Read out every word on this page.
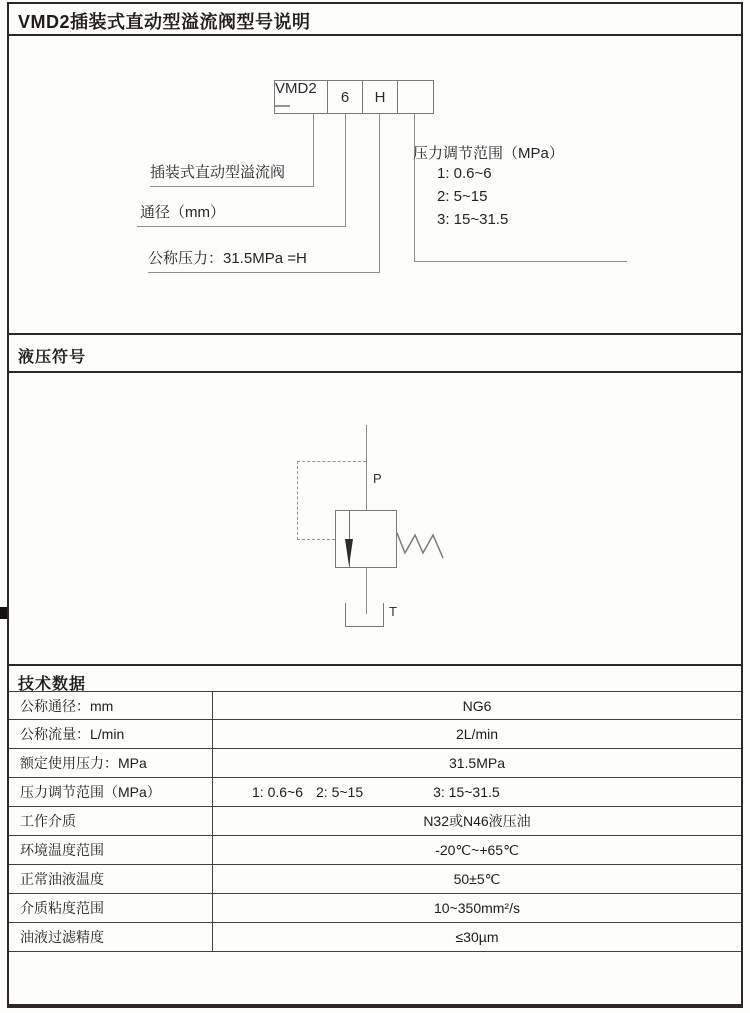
VMD2插装式直动型溢流阀型号说明
VMD2—	6	H
插装式直动型溢流阀
通径（mm）
公称压力：31.5MPa =H
压力调节范围（MPa）
1: 0.6~6
2: 5~15
3: 15~31.5
液压符号
P
T
技术数据
公称通径：mm	NG6
公称流量：L/min	2L/min
额定使用压力：MPa	31.5MPa
压力调节范围（MPa）	1: 0.6~6 2: 5~15	3: 15~31.5
工作介质	N32或N46液压油
环境温度范围	-20℃~+65℃
正常油液温度	50±5℃
介质粘度范围	10~350mm²/s
油液过滤精度	≤30µm
